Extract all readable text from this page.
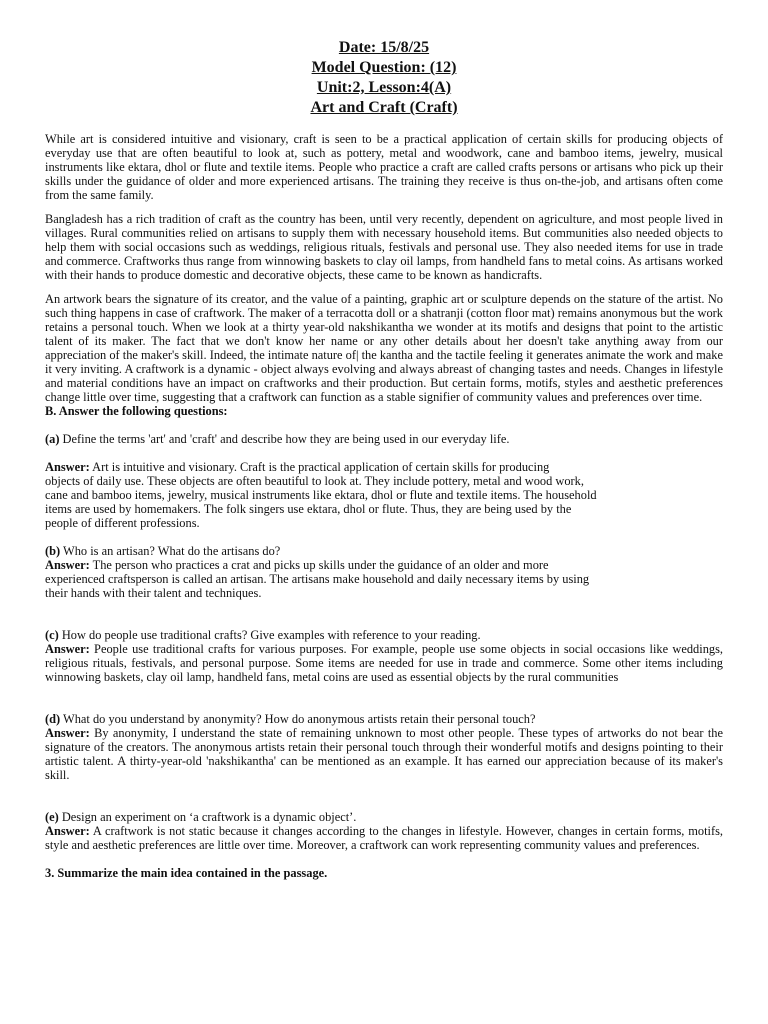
Date: 15/8/25
Model Question: (12)
Unit:2, Lesson:4(A)
Art and Craft (Craft)

While art is considered intuitive and visionary, craft is seen to be a practical application of certain skills for producing objects of everyday use that are often beautiful to look at, such as pottery, metal and woodwork, cane and bamboo items, jewelry, musical instruments like ektara, dhol or flute and textile items. People who practice a craft are called crafts persons or artisans who pick up their skills under the guidance of older and more experienced artisans. The training they receive is thus on-the-job, and artisans often come from the same family.

Bangladesh has a rich tradition of craft as the country has been, until very recently, dependent on agriculture, and most people lived in villages. Rural communities relied on artisans to supply them with necessary household items. But communities also needed objects to help them with social occasions such as weddings, religious rituals, festivals and personal use. They also needed items for use in trade and commerce. Craftworks thus range from winnowing baskets to clay oil lamps, from handheld fans to metal coins. As artisans worked with their hands to produce domestic and decorative objects, these came to be known as handicrafts.

An artwork bears the signature of its creator, and the value of a painting, graphic art or sculpture depends on the stature of the artist. No such thing happens in case of craftwork. The maker of a terracotta doll or a shatranji (cotton floor mat) remains anonymous but the work retains a personal touch. When we look at a thirty year-old nakshikantha we wonder at its motifs and designs that point to the artistic talent of its maker. The fact that we don't know her name or any other details about her doesn't take anything away from our appreciation of the maker's skill. Indeed, the intimate nature of| the kantha and the tactile feeling it generates animate the work and make it very inviting. A craftwork is a dynamic - object always evolving and always abreast of changing tastes and needs. Changes in lifestyle and material conditions have an impact on craftworks and their production. But certain forms, motifs, styles and aesthetic preferences change little over time, suggesting that a craftwork can function as a stable signifier of community values and preferences over time.

B. Answer the following questions:

(a) Define the terms 'art' and 'craft' and describe how they are being used in our everyday life.

Answer: Art is intuitive and visionary. Craft is the practical application of certain skills for producing
objects of daily use. These objects are often beautiful to look at. They include pottery, metal and wood work,
cane and bamboo items, jewelry, musical instruments like ektara, dhol or flute and textile items. The household
items are used by homemakers. The folk singers use ektara, dhol or flute. Thus, they are being used by the
people of different professions.

(b) Who is an artisan? What do the artisans do?

Answer: The person who practices a crat and picks up skills under the guidance of an older and more
experienced craftsperson is called an artisan. The artisans make household and daily necessary items by using
their hands with their talent and techniques.

(c) How do people use traditional crafts? Give examples with reference to your reading.

Answer: People use traditional crafts for various purposes. For example, people use some objects in social occasions like weddings, religious rituals, festivals, and personal purpose. Some items are needed for use in trade and commerce. Some other items including winnowing baskets, clay oil lamp, handheld fans, metal coins are used as essential objects by the rural communities

(d) What do you understand by anonymity? How do anonymous artists retain their personal touch?

Answer: By anonymity, I understand the state of remaining unknown to most other people. These types of artworks do not bear the signature of the creators. The anonymous artists retain their personal touch through their wonderful motifs and designs pointing to their artistic talent. A thirty-year-old 'nakshikantha' can be mentioned as an example. It has earned our appreciation because of its maker's skill.

(e) Design an experiment on ‘a craftwork is a dynamic object’.

Answer: A craftwork is not static because it changes according to the changes in lifestyle. However, changes in certain forms, motifs, style and aesthetic preferences are little over time. Moreover, a craftwork can work representing community values and preferences.

3. Summarize the main idea contained in the passage.
